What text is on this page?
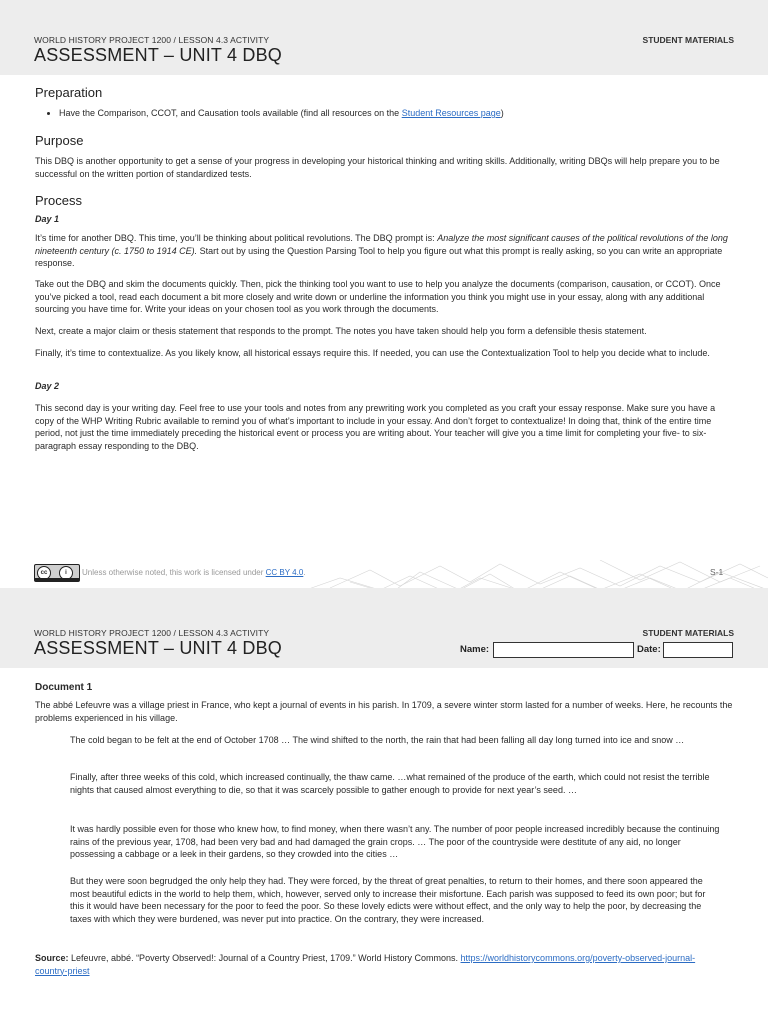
WORLD HISTORY PROJECT 1200 / LESSON 4.3 ACTIVITY	STUDENT MATERIALS
ASSESSMENT – UNIT 4 DBQ
Preparation
• Have the Comparison, CCOT, and Causation tools available (find all resources on the Student Resources page)
Purpose
This DBQ is another opportunity to get a sense of your progress in developing your historical thinking and writing skills. Additionally, writing DBQs will help prepare you to be successful on the written portion of standardized tests.
Process
Day 1
It’s time for another DBQ. This time, you’ll be thinking about political revolutions. The DBQ prompt is: Analyze the most significant causes of the political revolutions of the long nineteenth century (c. 1750 to 1914 CE). Start out by using the Question Parsing Tool to help you figure out what this prompt is really asking, so you can write an appropriate response.
Take out the DBQ and skim the documents quickly. Then, pick the thinking tool you want to use to help you analyze the documents (comparison, causation, or CCOT). Once you’ve picked a tool, read each document a bit more closely and write down or underline the information you think you might use in your essay, along with any additional sourcing you have time for. Write your ideas on your chosen tool as you work through the documents.
Next, create a major claim or thesis statement that responds to the prompt. The notes you have taken should help you form a defensible thesis statement.
Finally, it’s time to contextualize. As you likely know, all historical essays require this. If needed, you can use the Contextualization Tool to help you decide what to include.
Day 2
This second day is your writing day. Feel free to use your tools and notes from any prewriting work you completed as you craft your essay response. Make sure you have a copy of the WHP Writing Rubric available to remind you of what’s important to include in your essay. And don’t forget to contextualize! In doing that, think of the entire time period, not just the time immediately preceding the historical event or process you are writing about. Your teacher will give you a time limit for completing your five- to six-paragraph essay responding to the DBQ.
cc	i	Unless otherwise noted, this work is licensed under CC BY 4.0.	S-1
WORLD HISTORY PROJECT 1200 / LESSON 4.3 ACTIVITY	STUDENT MATERIALS
ASSESSMENT – UNIT 4 DBQ	Name:	Date:
Document 1
The abbé Lefeuvre was a village priest in France, who kept a journal of events in his parish. In 1709, a severe winter storm lasted for a number of weeks. Here, he recounts the problems experienced in his village.
The cold began to be felt at the end of October 1708 … The wind shifted to the north, the rain that had been falling all day long turned into ice and snow …
Finally, after three weeks of this cold, which increased continually, the thaw came. …what remained of the produce of the earth, which could not resist the terrible nights that caused almost everything to die, so that it was scarcely possible to gather enough to provide for next year’s seed. …
It was hardly possible even for those who knew how, to find money, when there wasn’t any. The number of poor people increased incredibly because the continuing rains of the previous year, 1708, had been very bad and had damaged the grain crops. … The poor of the countryside were destitute of any aid, no longer possessing a cabbage or a leek in their gardens, so they crowded into the cities …
But they were soon begrudged the only help they had. They were forced, by the threat of great penalties, to return to their homes, and there soon appeared the most beautiful edicts in the world to help them, which, however, served only to increase their misfortune. Each parish was supposed to feed its own poor; but for this it would have been necessary for the poor to feed the poor. So these lovely edicts were without effect, and the only way to help the poor, by decreasing the taxes with which they were burdened, was never put into practice. On the contrary, they were increased.
Source: Lefeuvre, abbé. “Poverty Observed!: Journal of a Country Priest, 1709.” World History Commons. https://worldhistorycommons.org/poverty-observed-journal-country-priest
